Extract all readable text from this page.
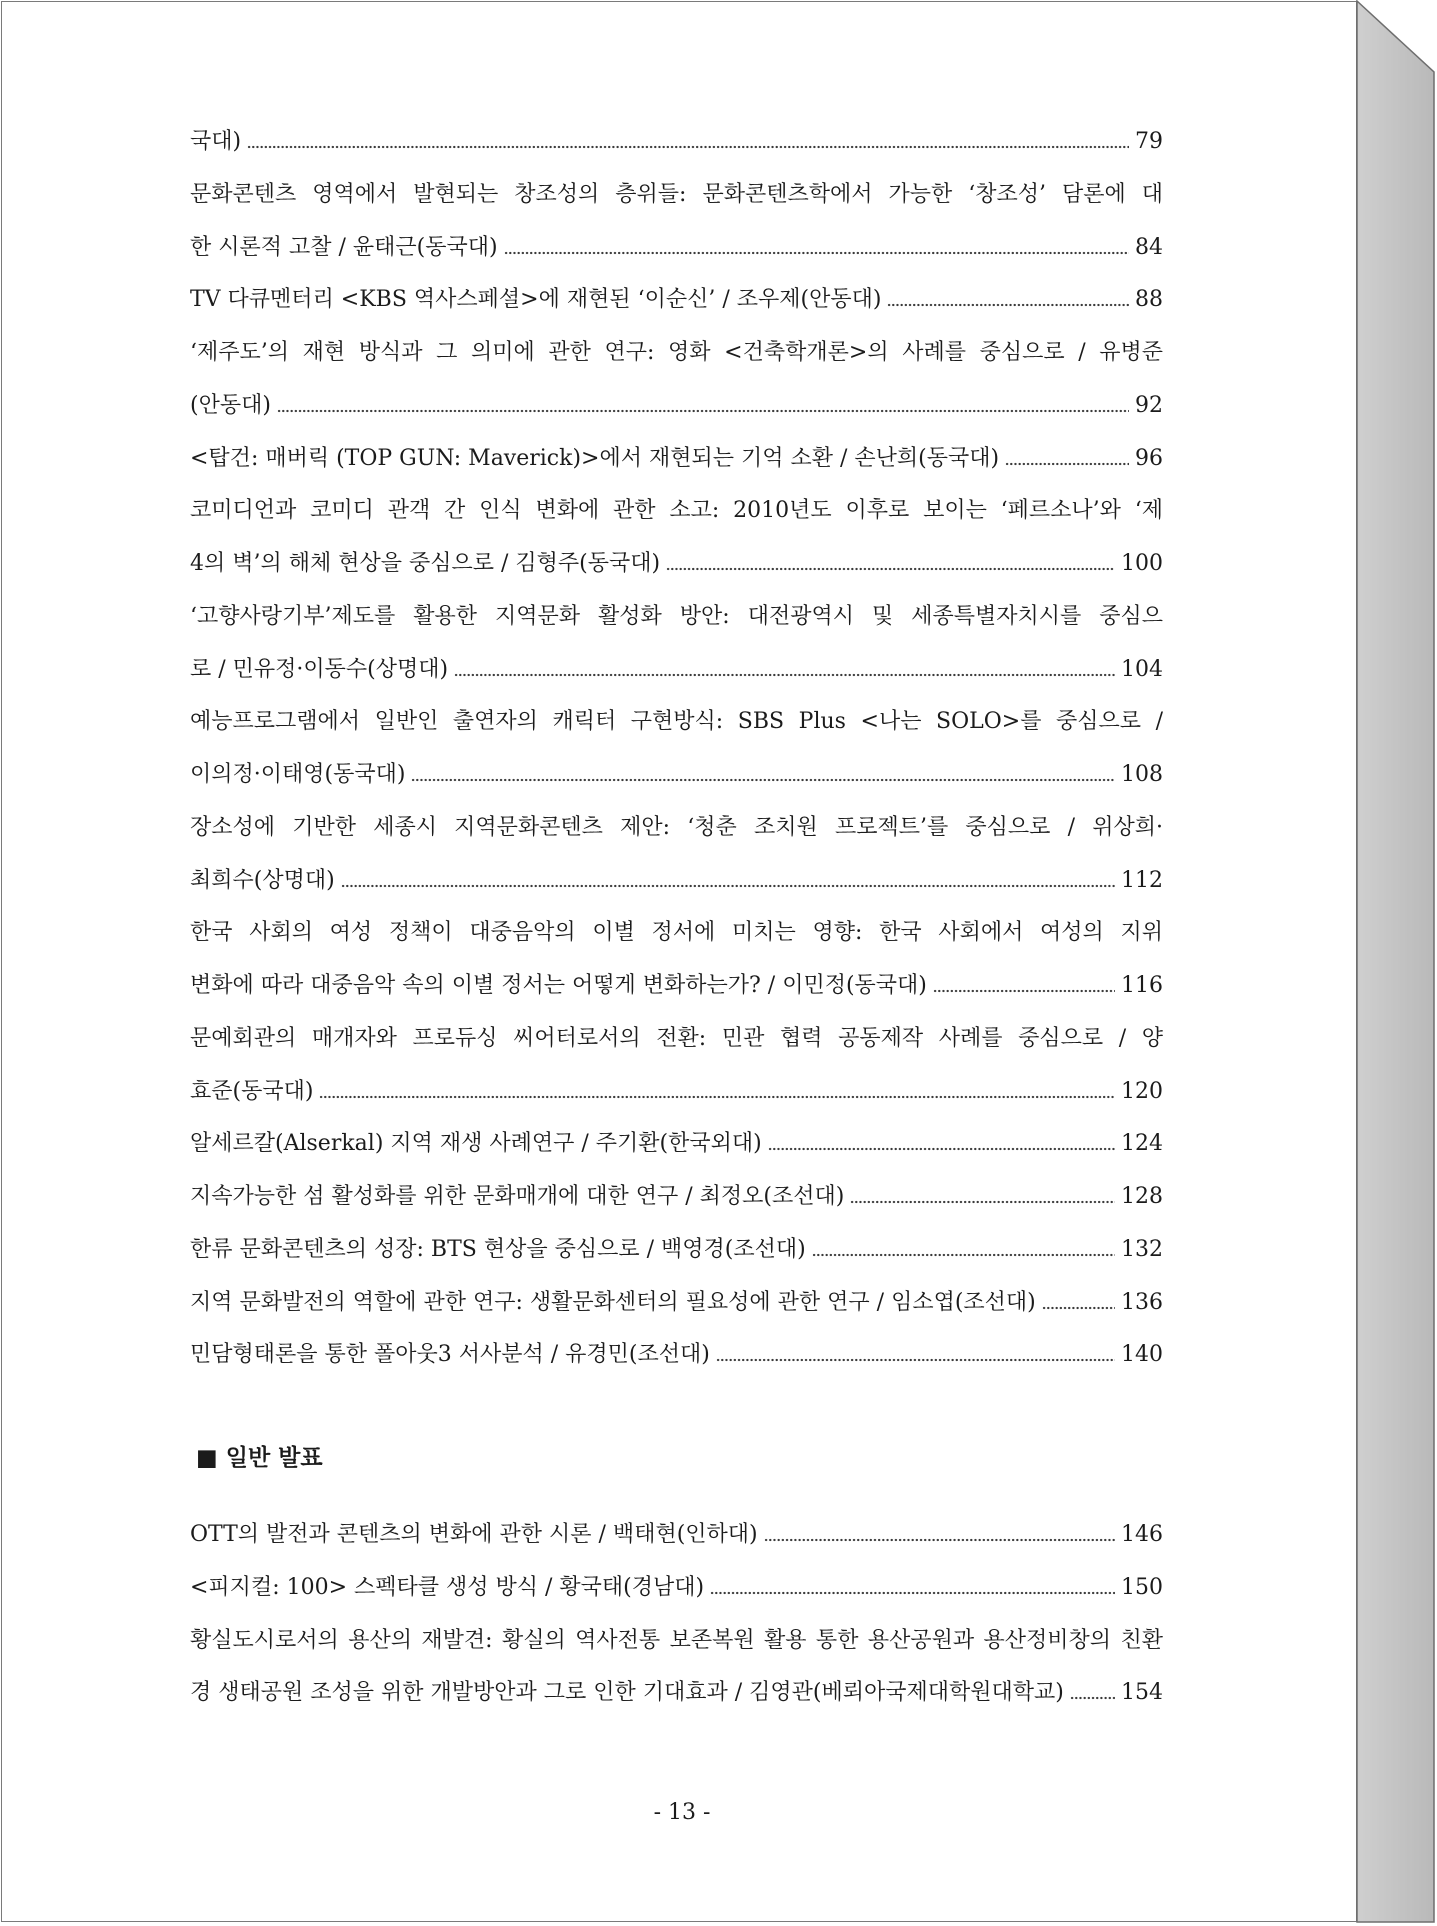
국대)	79
문화콘텐츠 영역에서 발현되는 창조성의 층위들: 문화콘텐츠학에서 가능한 ‘창조성’ 담론에 대
한 시론적 고찰 / 윤태근(동국대)	84
TV 다큐멘터리 <KBS 역사스페셜>에 재현된 ‘이순신’ / 조우제(안동대)	88
‘제주도’의 재현 방식과 그 의미에 관한 연구: 영화 <건축학개론>의 사례를 중심으로 / 유병준
(안동대)	92
<탑건: 매버릭 (TOP GUN: Maverick)>에서 재현되는 기억 소환 / 손난희(동국대)	96
코미디언과 코미디 관객 간 인식 변화에 관한 소고: 2010년도 이후로 보이는 ‘페르소나’와 ‘제
4의 벽’의 해체 현상을 중심으로 / 김형주(동국대)	100
‘고향사랑기부’제도를 활용한 지역문화 활성화 방안: 대전광역시 및 세종특별자치시를 중심으
로 / 민유정·이동수(상명대)	104
예능프로그램에서 일반인 출연자의 캐릭터 구현방식: SBS Plus <나는 SOLO>를 중심으로 /
이의정·이태영(동국대)	108
장소성에 기반한 세종시 지역문화콘텐츠 제안: ‘청춘 조치원 프로젝트’를 중심으로 / 위상희·
최희수(상명대)	112
한국 사회의 여성 정책이 대중음악의 이별 정서에 미치는 영향: 한국 사회에서 여성의 지위
변화에 따라 대중음악 속의 이별 정서는 어떻게 변화하는가? / 이민정(동국대)	116
문예회관의 매개자와 프로듀싱 씨어터로서의 전환: 민관 협력 공동제작 사례를 중심으로 / 양
효준(동국대)	120
알세르칼(Alserkal) 지역 재생 사례연구 / 주기환(한국외대)	124
지속가능한 섬 활성화를 위한 문화매개에 대한 연구 / 최정오(조선대)	128
한류 문화콘텐츠의 성장: BTS 현상을 중심으로 / 백영경(조선대)	132
지역 문화발전의 역할에 관한 연구: 생활문화센터의 필요성에 관한 연구 / 임소엽(조선대)	136
민담형태론을 통한 폴아웃3 서사분석 / 유경민(조선대)	140
■ 일반 발표
OTT의 발전과 콘텐츠의 변화에 관한 시론 / 백태현(인하대)	146
<피지컬: 100> 스펙타클 생성 방식 / 황국태(경남대)	150
황실도시로서의 용산의 재발견: 황실의 역사전통 보존복원 활용 통한 용산공원과 용산정비창의 친환
경 생태공원 조성을 위한 개발방안과 그로 인한 기대효과 / 김영관(베뢰아국제대학원대학교)	154
- 13 -
